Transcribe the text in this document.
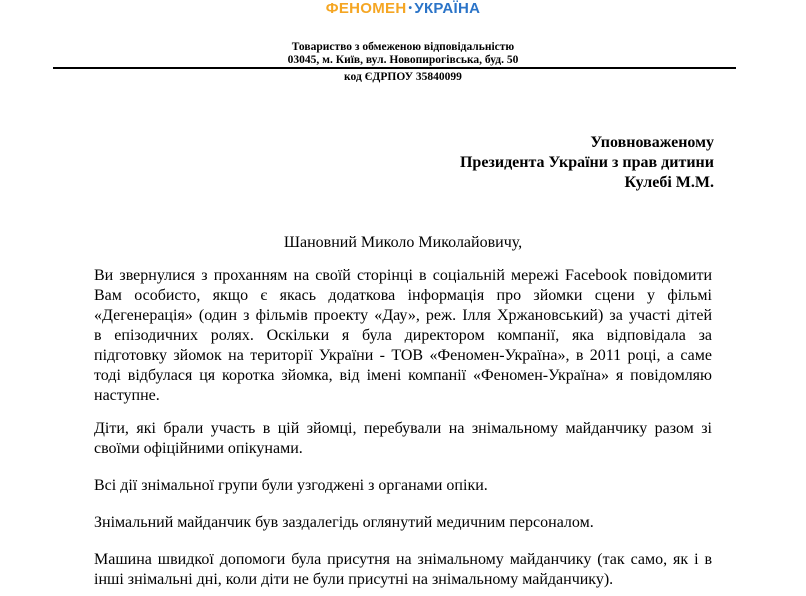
ФЕНОМЕН • УКРАЇНА
Товариство з обмеженою відповідальністю
03045, м. Київ, вул. Новопирогівська, буд. 50
код ЄДРПОУ 35840099
Уповноваженому
Президента України з прав дитини
Кулебі М.М.
Шановний Миколо Миколайовичу,
Ви звернулися з проханням на своїй сторінці в соціальній мережі Facebook повідомити
Вам особисто, якщо є якась додаткова інформація про зйомки сцени у фільмі
«Дегенерація» (один з фільмів проекту «Дау», реж. Ілля Хржановський) за участі дітей
в епізодичних ролях. Оскільки я була директором компанії, яка відповідала за
підготовку зйомок на території України - ТОВ «Феномен-Україна», в 2011 році, а саме
тоді відбулася ця коротка зйомка, від імені компанії «Феномен-Україна» я повідомляю
наступне.
Діти, які брали участь в цій зйомці, перебували на знімальному майданчику разом зі
своїми офіційними опікунами.
Всі дії знімальної групи були узгоджені з органами опіки.
Знімальний майданчик був заздалегідь оглянутий медичним персоналом.
Машина швидкої допомоги була присутня на знімальному майданчику (так само, як і в
інші знімальні дні, коли діти не були присутні на знімальному майданчику).
